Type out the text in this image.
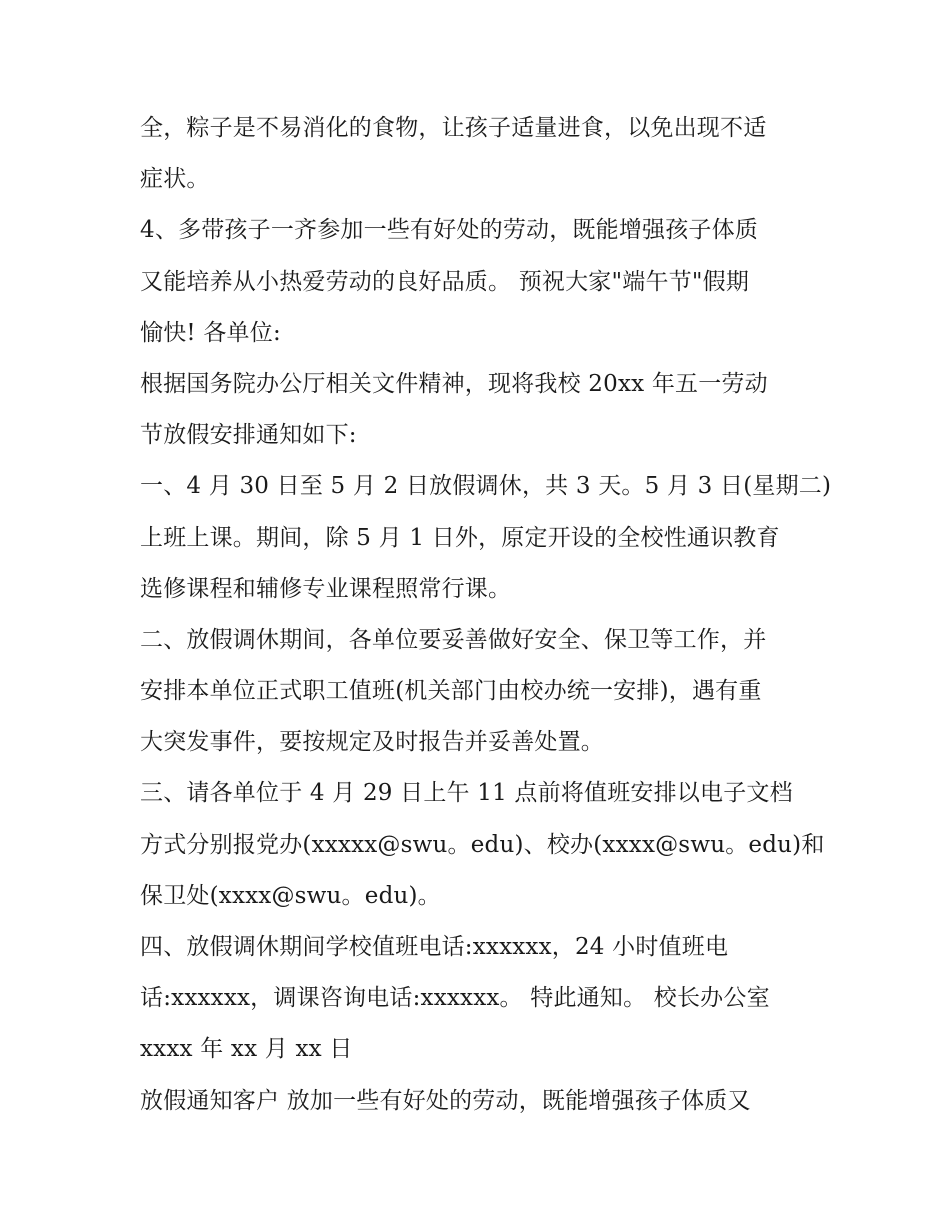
全，粽子是不易消化的食物，让孩子适量进食，以免出现不适
症状。
4、多带孩子一齐参加一些有好处的劳动，既能增强孩子体质
又能培养从小热爱劳动的良好品质。 预祝大家"端午节"假期
愉快! 各单位:
根据国务院办公厅相关文件精神，现将我校 20xx 年五一劳动
节放假安排通知如下:
一、4 月 30 日至 5 月 2 日放假调休，共 3 天。5 月 3 日(星期二)
上班上课。期间，除 5 月 1 日外，原定开设的全校性通识教育
选修课程和辅修专业课程照常行课。
二、放假调休期间，各单位要妥善做好安全、保卫等工作，并
安排本单位正式职工值班(机关部门由校办统一安排)，遇有重
大突发事件，要按规定及时报告并妥善处置。
三、请各单位于 4 月 29 日上午 11 点前将值班安排以电子文档
方式分别报党办(xxxxx@swu。edu)、校办(xxxx@swu。edu)和
保卫处(xxxx@swu。edu)。
四、放假调休期间学校值班电话:xxxxxx，24 小时值班电
话:xxxxxx，调课咨询电话:xxxxxx。 特此通知。 校长办公室
xxxx 年 xx 月 xx 日
放假通知客户 放加一些有好处的劳动，既能增强孩子体质又
